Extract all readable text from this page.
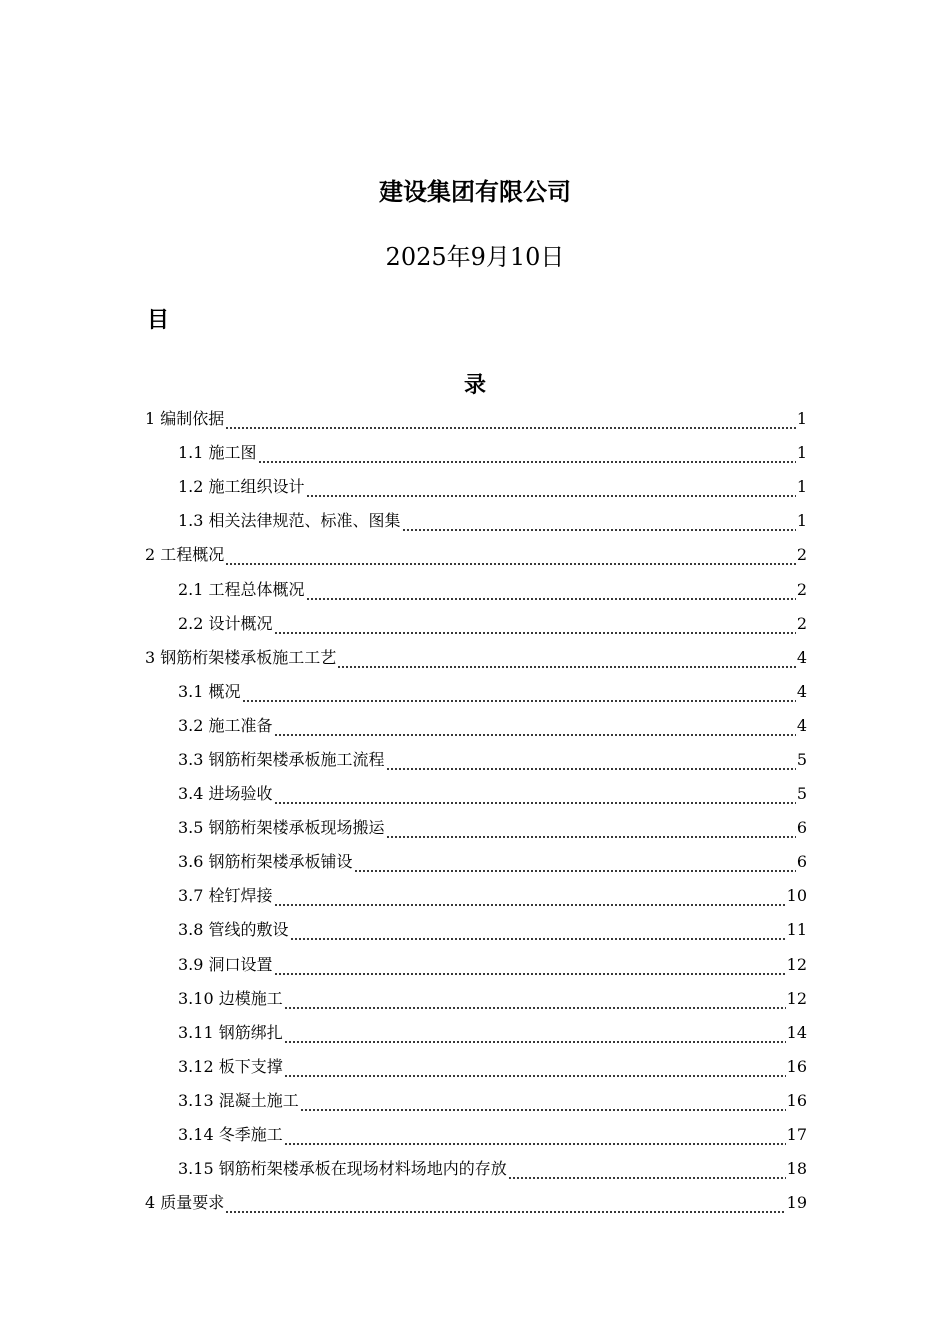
建设集团有限公司
2025年9月10日
目
录
1 编制依据	1
1.1 施工图	1
1.2 施工组织设计	1
1.3 相关法律规范、标准、图集	1
2 工程概况	2
2.1 工程总体概况	2
2.2 设计概况	2
3 钢筋桁架楼承板施工工艺	4
3.1 概况	4
3.2 施工准备	4
3.3 钢筋桁架楼承板施工流程	5
3.4 进场验收	5
3.5 钢筋桁架楼承板现场搬运	6
3.6 钢筋桁架楼承板铺设	6
3.7 栓钉焊接	10
3.8 管线的敷设	11
3.9 洞口设置	12
3.10 边模施工	12
3.11 钢筋绑扎	14
3.12 板下支撑	16
3.13 混凝土施工	16
3.14 冬季施工	17
3.15 钢筋桁架楼承板在现场材料场地内的存放	18
4 质量要求	19
